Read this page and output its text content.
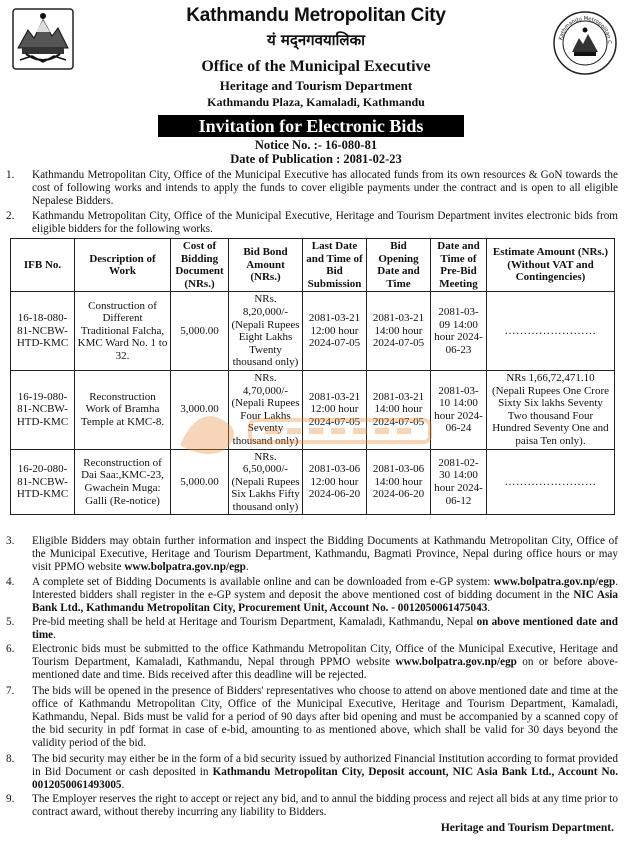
Kathmandu Metropolitan C
Kathmandu Metropolitan City
यं मद्‌नगवयालिका
Office of the Municipal Executive
Heritage and Tourism Department
Kathmandu Plaza, Kamaladi, Kathmandu
Invitation for Electronic Bids
Notice No. :- 16-080-81
Date of Publication : 2081-02-23
1. Kathmandu Metropolitan City, Office of the Municipal Executive has allocated funds from its own resources & GoN towards the cost of following works and intends to apply the funds to cover eligible payments under the contract and is open to all eligible Nepalese Bidders.
2. Kathmandu Metropolitan City, Office of the Municipal Executive, Heritage and Tourism Department invites electronic bids from eligible bidders for the following works.
IFB No.	Description of Work	Cost of Bidding Document (NRs.)	Bid Bond Amount (NRs.)	Last Date and Time of Bid Submission	Bid Opening Date and Time	Date and Time of Pre-Bid Meeting	Estimate Amount (NRs.) (Without VAT and Contingencies)
16-18-080-81-NCBW-HTD-KMC	Construction of Different Traditional Falcha, KMC Ward No. 1 to 32.	5,000.00	NRs. 8,20,000/- (Nepali Rupees Eight Lakhs Twenty thousand only)	2081-03-21 12:00 hour 2024-07-05	2081-03-21 14:00 hour 2024-07-05	2081-03-09 14:00 hour 2024-06-23	……………………
16-19-080-81-NCBW-HTD-KMC	Reconstruction Work of Bramha Temple at KMC-8.	3,000.00	NRs. 4,70,000/- (Nepali Rupees Four Lakhs Seventy thousand only)	2081-03-21 12:00 hour 2024-07-05	2081-03-21 14:00 hour 2024-07-05	2081-03-10 14:00 hour 2024-06-24	NRs 1,66,72,471.10 (Nepali Rupees One Crore Sixty Six lakhs Seventy Two thousand Four Hundred Seventy One and paisa Ten only).
16-20-080-81-NCBW-HTD-KMC	Reconstruction of Dai Saa:,KMC-23, Gwachein Muga: Galli (Re-notice)	5,000.00	NRs. 6,50,000/- (Nepali Rupees Six Lakhs Fifty thousand only)	2081-03-06 12:00 hour 2024-06-20	2081-03-06 14:00 hour 2024-06-20	2081-02-30 14:00 hour 2024-06-12	……………………
3. Eligible Bidders may obtain further information and inspect the Bidding Documents at Kathmandu Metropolitan City, Office of the Municipal Executive, Heritage and Tourism Department, Kathmandu, Bagmati Province, Nepal during office hours or may visit PPMO website www.bolpatra.gov.np/egp.
4. A complete set of Bidding Documents is available online and can be downloaded from e-GP system: www.bolpatra.gov.np/egp. Interested bidders shall register in the e-GP system and deposit the above mentioned cost of bidding document in the NIC Asia Bank Ltd., Kathmandu Metropolitan City, Procurement Unit, Account No. - 0012050061475043.
5. Pre-bid meeting shall be held at Heritage and Tourism Department, Kamaladi, Kathmandu, Nepal on above mentioned date and time.
6. Electronic bids must be submitted to the office Kathmandu Metropolitan City, Office of the Municipal Executive, Heritage and Tourism Department, Kamaladi, Kathmandu, Nepal through PPMO website www.bolpatra.gov.np/egp on or before above-mentioned date and time. Bids received after this deadline will be rejected.
7. The bids will be opened in the presence of Bidders' representatives who choose to attend on above mentioned date and time at the office of Kathmandu Metropolitan City, Office of the Municipal Executive, Heritage and Tourism Department, Kamaladi, Kathmandu, Nepal. Bids must be valid for a period of 90 days after bid opening and must be accompanied by a scanned copy of the bid security in pdf format in case of e-bid, amounting to as mentioned above, which shall be valid for 30 days beyond the validity period of the bid.
8. The bid security may either be in the form of a bid security issued by authorized Financial Institution according to format provided in Bid Document or cash deposited in Kathmandu Metropolitan City, Deposit account, NIC Asia Bank Ltd., Account No. 0012050061493005.
9. The Employer reserves the right to accept or reject any bid, and to annul the bidding process and reject all bids at any time prior to contract award, without thereby incurring any liability to Bidders.
Heritage and Tourism Department.
